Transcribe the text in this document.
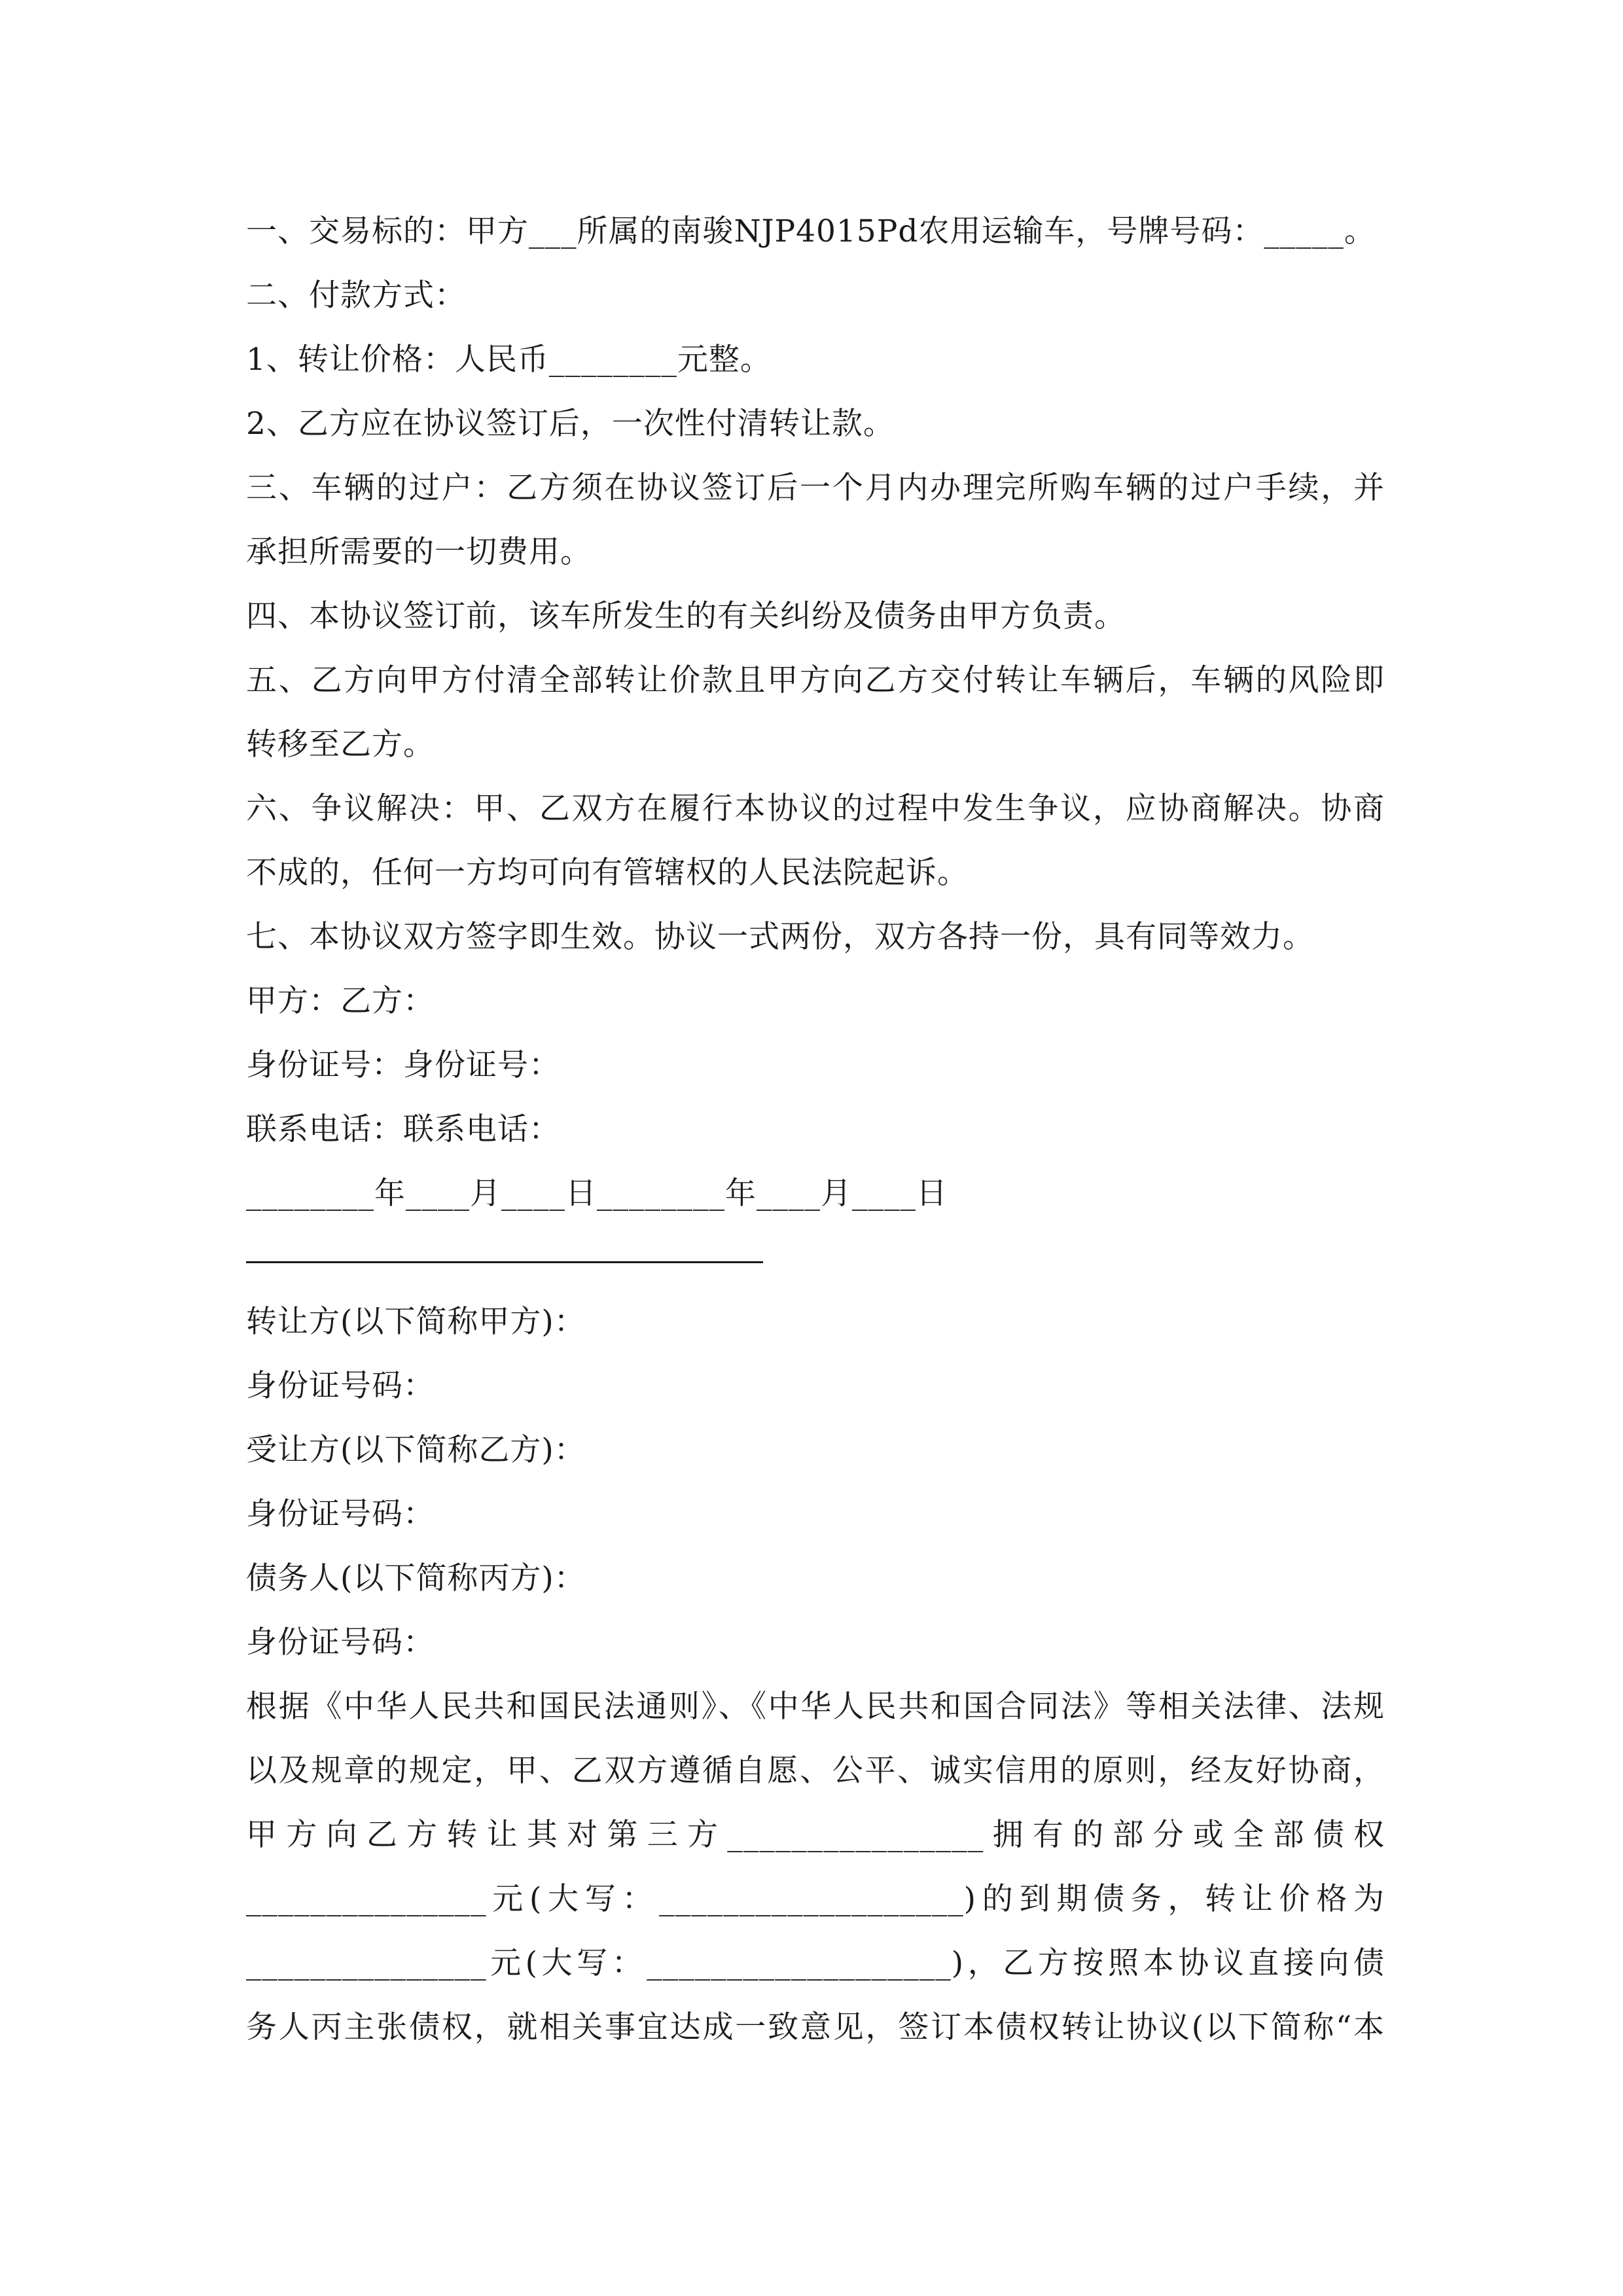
一、交易标的：甲方___所属的南骏NJP4015Pd农用运输车，号牌号码：_____。
二、付款方式：
1、转让价格：人民币________元整。
2、乙方应在协议签订后，一次性付清转让款。
三、车辆的过户：乙方须在协议签订后一个月内办理完所购车辆的过户手续，并
承担所需要的一切费用。
四、本协议签订前，该车所发生的有关纠纷及债务由甲方负责。
五、乙方向甲方付清全部转让价款且甲方向乙方交付转让车辆后，车辆的风险即
转移至乙方。
六、争议解决：甲、乙双方在履行本协议的过程中发生争议，应协商解决。协商
不成的，任何一方均可向有管辖权的人民法院起诉。
七、本协议双方签字即生效。协议一式两份，双方各持一份，具有同等效力。
甲方：乙方：
身份证号：身份证号：
联系电话：联系电话：
________年____月____日________年____月____日
转让方(以下简称甲方)：
身份证号码：
受让方(以下简称乙方)：
身份证号码：
债务人(以下简称丙方)：
身份证号码：
根据《中华人民共和国民法通则》、《中华人民共和国合同法》等相关法律、法规
以及规章的规定，甲、乙双方遵循自愿、公平、诚实信用的原则，经友好协商，
甲方向乙方转让其对第三方________________拥有的部分或全部债权
_______________元(大写：___________________)的到期债务，转让价格为
_______________元(大写：___________________)，乙方按照本协议直接向债
务人丙主张债权，就相关事宜达成一致意见，签订本债权转让协议(以下简称“本
